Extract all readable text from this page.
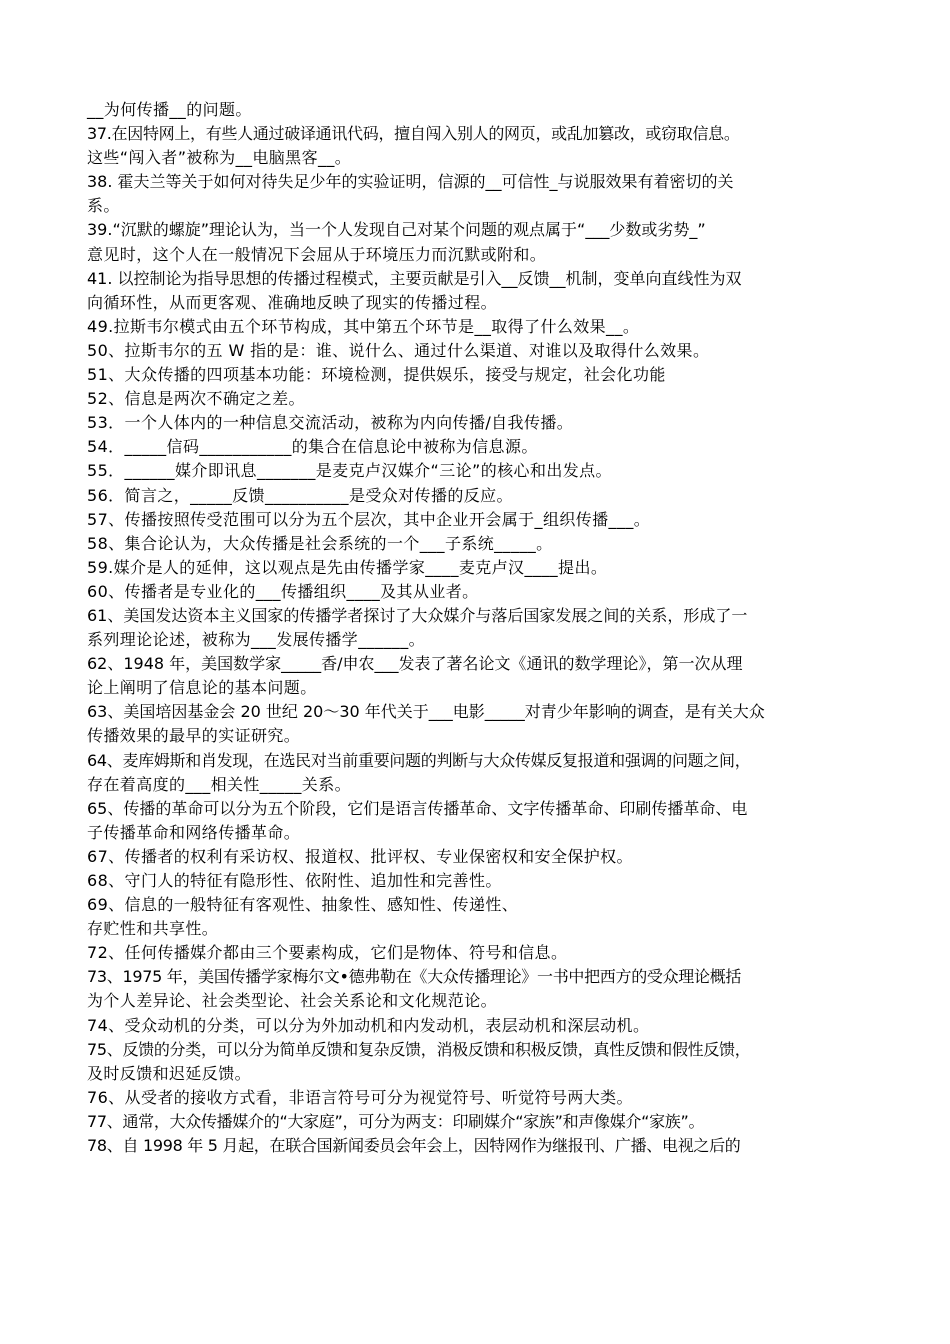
__为何传播__的问题。
37.在因特网上，有些人通过破译通讯代码，擅自闯入别人的网页，或乱加篡改，或窃取信息。
这些“闯入者”被称为__电脑黑客__。
38. 霍夫兰等关于如何对待失足少年的实验证明，信源的__可信性_与说服效果有着密切的关
系。
39.“沉默的螺旋”理论认为，当一个人发现自己对某个问题的观点属于“___少数或劣势_”
意见时，这个人在一般情况下会屈从于环境压力而沉默或附和。
41. 以控制论为指导思想的传播过程模式，主要贡献是引入__反馈__机制，变单向直线性为双
向循环性，从而更客观、准确地反映了现实的传播过程。
49.拉斯韦尔模式由五个环节构成，其中第五个环节是__取得了什么效果__。
50、拉斯韦尔的五 W 指的是：谁、说什么、通过什么渠道、对谁以及取得什么效果。
51、大众传播的四项基本功能：环境检测，提供娱乐，接受与规定，社会化功能
52、信息是两次不确定之差。
53．一个人体内的一种信息交流活动，被称为内向传播/自我传播。
54．_____信码___________的集合在信息论中被称为信息源。
55．______媒介即讯息_______是麦克卢汉媒介“三论”的核心和出发点。
56．简言之，_____反馈__________是受众对传播的反应。
57、传播按照传受范围可以分为五个层次，其中企业开会属于_组织传播___。
58、集合论认为，大众传播是社会系统的一个___子系统_____。
59.媒介是人的延伸，这以观点是先由传播学家____麦克卢汉____提出。
60、传播者是专业化的___传播组织____及其从业者。
61、美国发达资本主义国家的传播学者探讨了大众媒介与落后国家发展之间的关系，形成了一
系列理论论述，被称为___发展传播学______。
62、1948 年，美国数学家_____香/申农___发表了著名论文《通讯的数学理论》，第一次从理
论上阐明了信息论的基本问题。
63、美国培因基金会 20 世纪 20～30 年代关于___电影_____对青少年影响的调查，是有关大众
传播效果的最早的实证研究。
64、麦库姆斯和肖发现，在选民对当前重要问题的判断与大众传媒反复报道和强调的问题之间，
存在着高度的___相关性_____关系。
65、传播的革命可以分为五个阶段，它们是语言传播革命、文字传播革命、印刷传播革命、电
子传播革命和网络传播革命。
67、传播者的权利有采访权、报道权、批评权、专业保密权和安全保护权。
68、守门人的特征有隐形性、依附性、追加性和完善性。
69、信息的一般特征有客观性、抽象性、感知性、传递性、
存贮性和共享性。
72、任何传播媒介都由三个要素构成，它们是物体、符号和信息。
73、1975 年，美国传播学家梅尔文•德弗勒在《大众传播理论》一书中把西方的受众理论概括
为个人差异论、社会类型论、社会关系论和文化规范论。
74、受众动机的分类，可以分为外加动机和内发动机，表层动机和深层动机。
75、反馈的分类，可以分为简单反馈和复杂反馈，消极反馈和积极反馈，真性反馈和假性反馈，
及时反馈和迟延反馈。
76、从受者的接收方式看，非语言符号可分为视觉符号、听觉符号两大类。
77、通常，大众传播媒介的“大家庭”，可分为两支：印刷媒介“家族”和声像媒介“家族”。
78、自 1998 年 5 月起，在联合国新闻委员会年会上，因特网作为继报刊、广播、电视之后的
